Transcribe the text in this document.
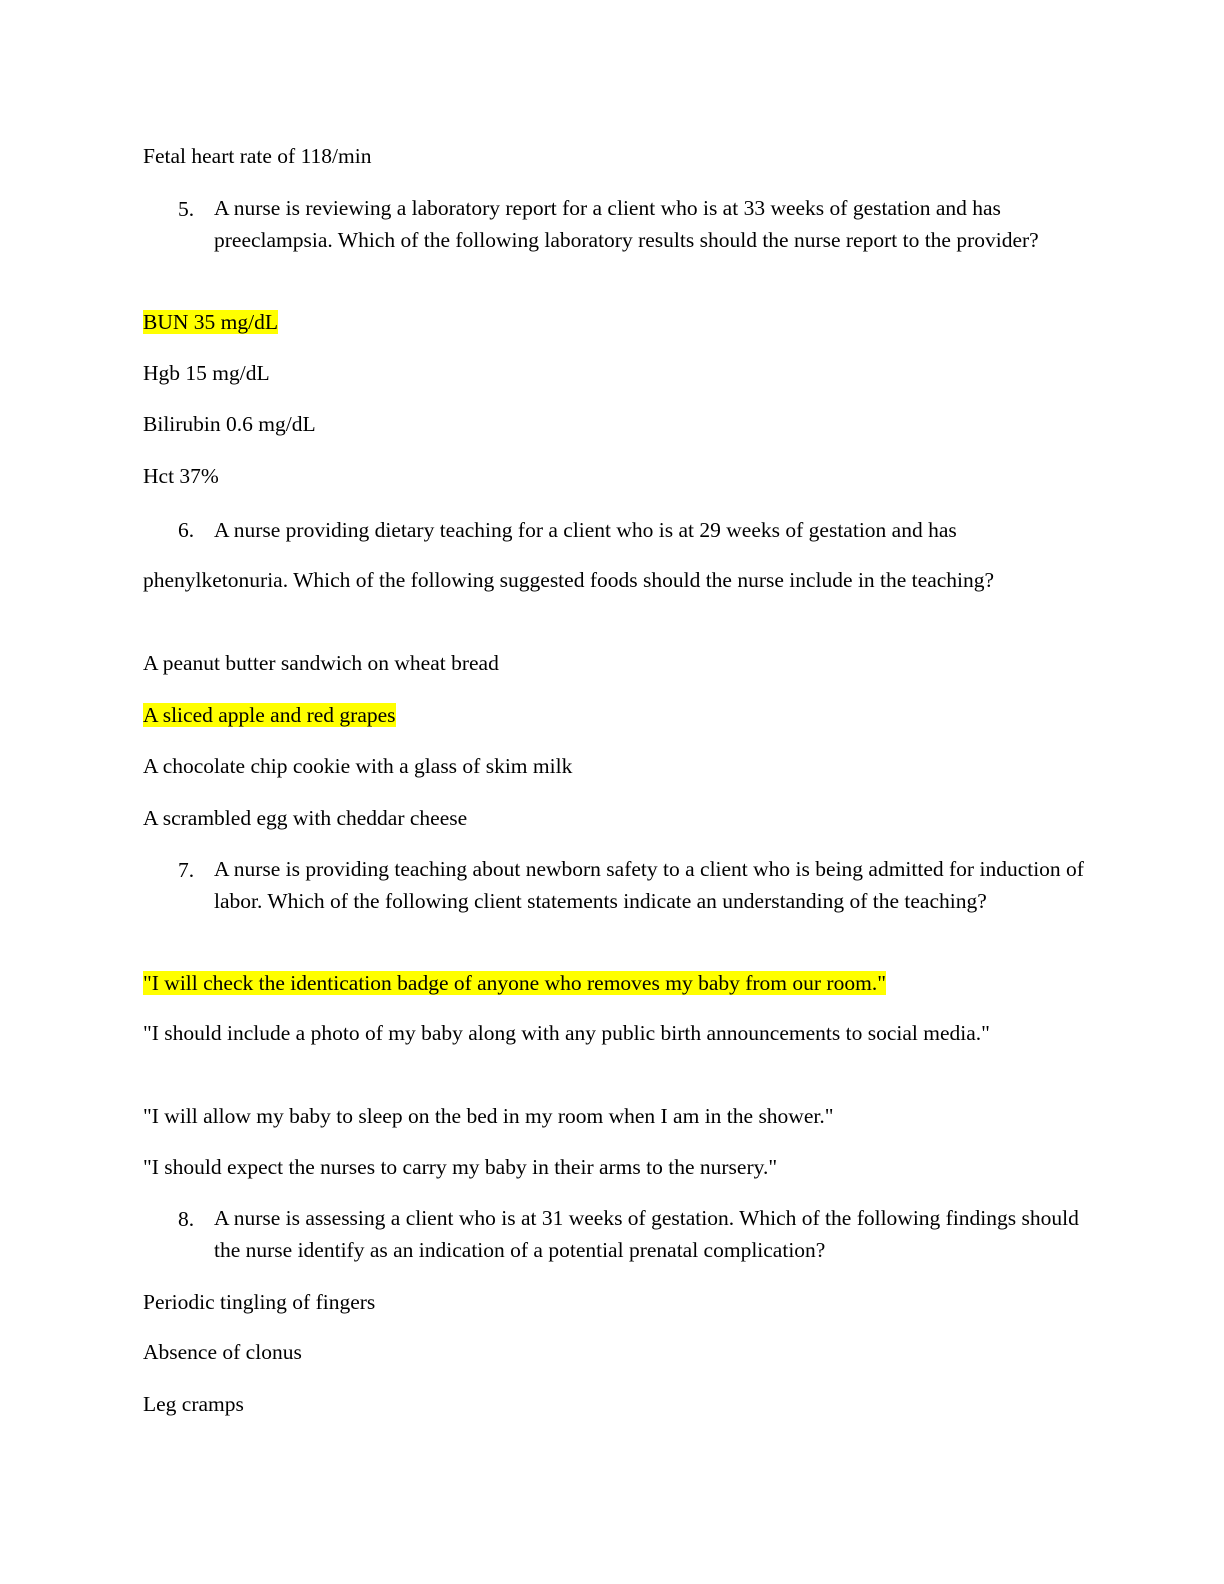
Fetal heart rate of 118/min
5. A nurse is reviewing a laboratory report for a client who is at 33 weeks of gestation and has preeclampsia. Which of the following laboratory results should the nurse report to the provider?
BUN 35 mg/dL
Hgb 15 mg/dL
Bilirubin 0.6 mg/dL
Hct 37%
6. A nurse providing dietary teaching for a client who is at 29 weeks of gestation and has
phenylketonuria. Which of the following suggested foods should the nurse include in the teaching?
A peanut butter sandwich on wheat bread
A sliced apple and red grapes
A chocolate chip cookie with a glass of skim milk
A scrambled egg with cheddar cheese
7. A nurse is providing teaching about newborn safety to a client who is being admitted for induction of labor. Which of the following client statements indicate an understanding of the teaching?
"I will check the identication badge of anyone who removes my baby from our room."
"I should include a photo of my baby along with any public birth announcements to social media."
"I will allow my baby to sleep on the bed in my room when I am in the shower."
"I should expect the nurses to carry my baby in their arms to the nursery."
8. A nurse is assessing a client who is at 31 weeks of gestation. Which of the following findings should the nurse identify as an indication of a potential prenatal complication?
Periodic tingling of fingers
Absence of clonus
Leg cramps
